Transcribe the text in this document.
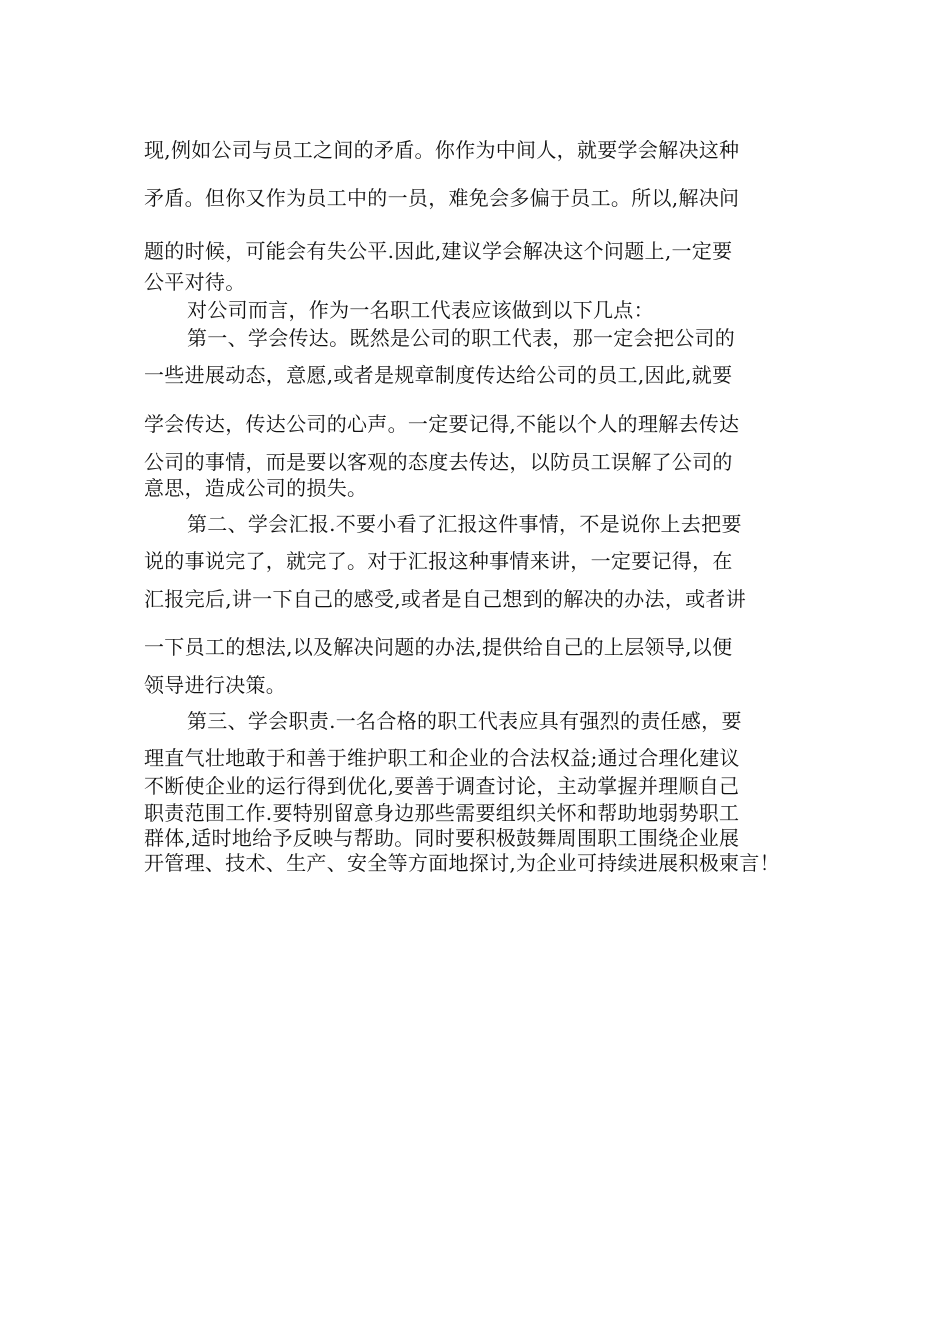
现,例如公司与员工之间的矛盾。你作为中间人，就要学会解决这种
矛盾。但你又作为员工中的一员，难免会多偏于员工。所以,解决问
题的时候，可能会有失公平.因此,建议学会解决这个问题上,一定要
公平对待。
对公司而言，作为一名职工代表应该做到以下几点：
第一、学会传达。既然是公司的职工代表，那一定会把公司的
一些进展动态，意愿,或者是规章制度传达给公司的员工,因此,就要
学会传达，传达公司的心声。一定要记得,不能以个人的理解去传达
公司的事情，而是要以客观的态度去传达，以防员工误解了公司的
意思，造成公司的损失。
第二、学会汇报.不要小看了汇报这件事情，不是说你上去把要
说的事说完了，就完了。对于汇报这种事情来讲，一定要记得，在
汇报完后,讲一下自己的感受,或者是自己想到的解决的办法，或者讲
一下员工的想法,以及解决问题的办法,提供给自己的上层领导,以便
领导进行决策。
第三、学会职责.一名合格的职工代表应具有强烈的责任感，要
理直气壮地敢于和善于维护职工和企业的合法权益;通过合理化建议
不断使企业的运行得到优化,要善于调查讨论，主动掌握并理顺自己
职责范围工作.要特别留意身边那些需要组织关怀和帮助地弱势职工
群体,适时地给予反映与帮助。同时要积极鼓舞周围职工围绕企业展
开管理、技术、生产、安全等方面地探讨,为企业可持续进展积极柬言！
